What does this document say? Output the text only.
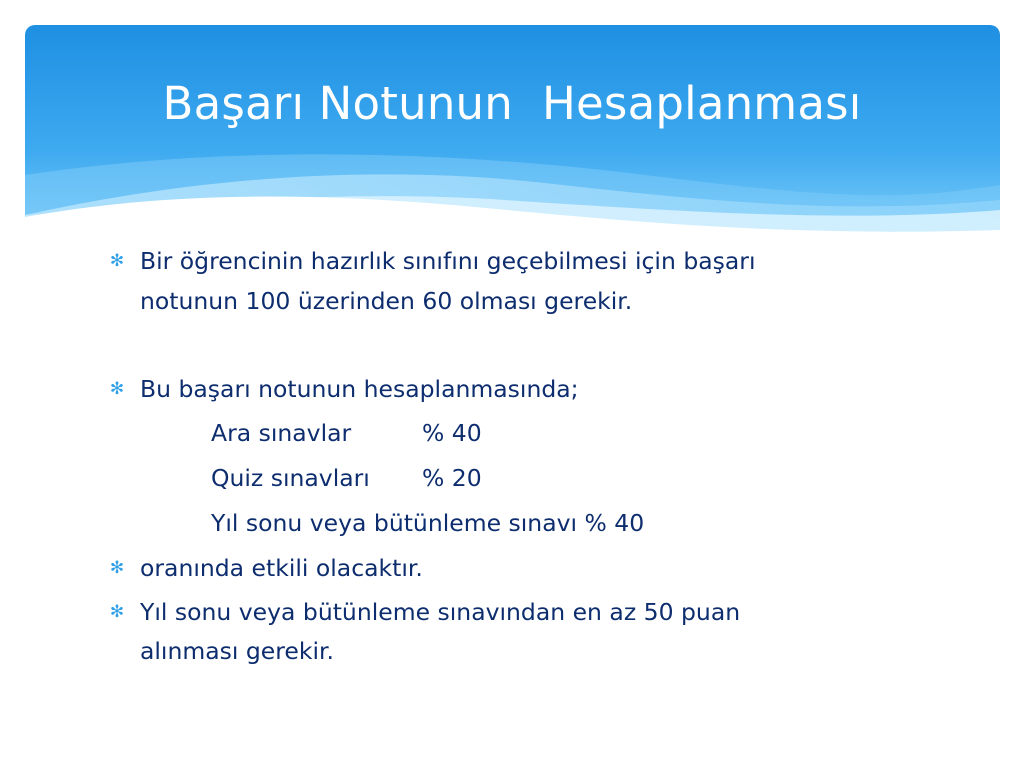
Başarı Notunun  Hesaplanması
✻ Bir öğrencinin hazırlık sınıfını geçebilmesi için başarı
notunun 100 üzerinden 60 olması gerekir.
✻ Bu başarı notunun hesaplanmasında;
Ara sınavlar	% 40
Quiz sınavları % 20
Yıl sonu veya bütünleme sınavı % 40
✻ oranında etkili olacaktır.
✻ Yıl sonu veya bütünleme sınavından en az 50 puan
alınması gerekir.
